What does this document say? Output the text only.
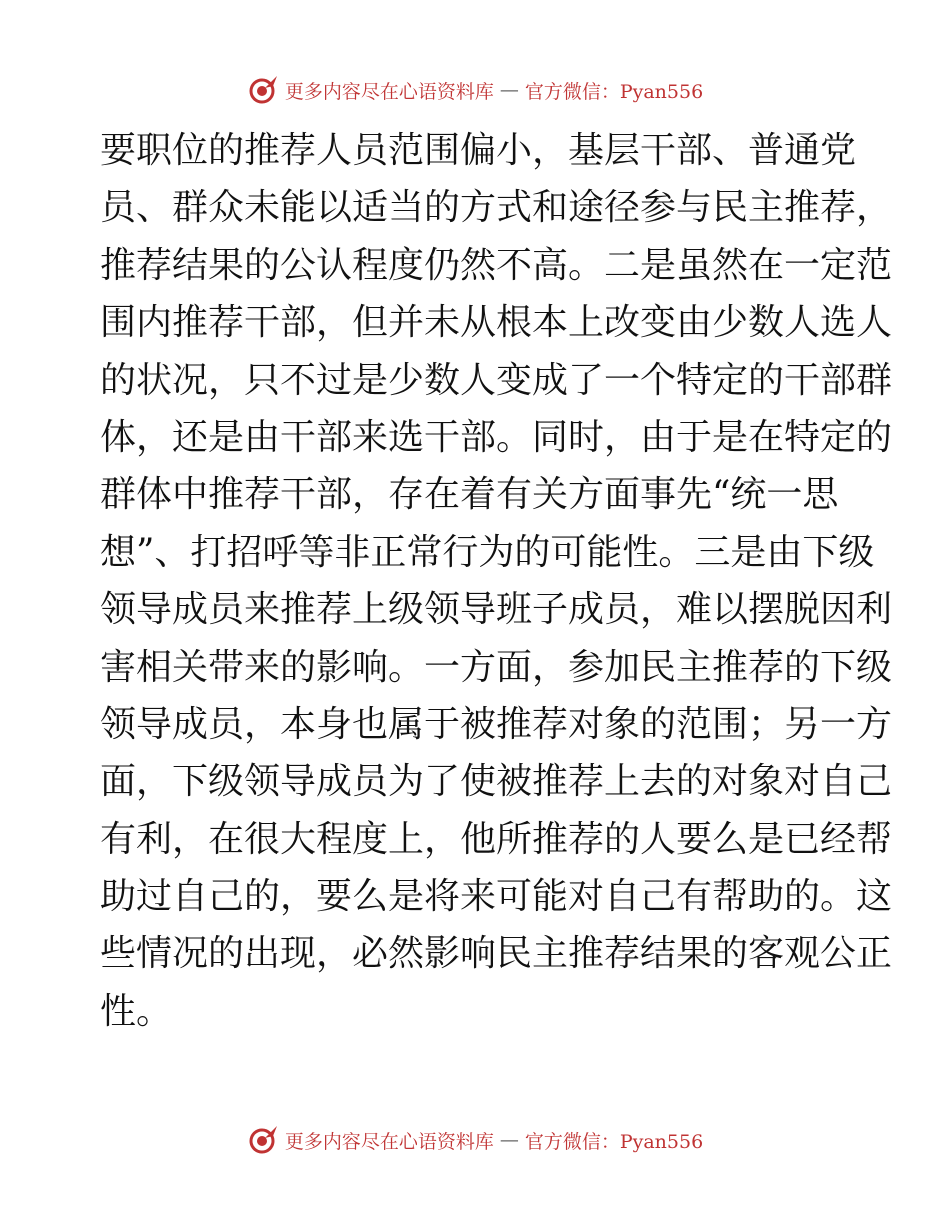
更多内容尽在心语资料库 — 官方微信：Pyan556
要职位的推荐人员范围偏小，基层干部、普通党
员、群众未能以适当的方式和途径参与民主推荐，
推荐结果的公认程度仍然不高。二是虽然在一定范
围内推荐干部，但并未从根本上改变由少数人选人
的状况，只不过是少数人变成了一个特定的干部群
体，还是由干部来选干部。同时，由于是在特定的
群体中推荐干部，存在着有关方面事先“统一思
想”、打招呼等非正常行为的可能性。三是由下级
领导成员来推荐上级领导班子成员，难以摆脱因利
害相关带来的影响。一方面，参加民主推荐的下级
领导成员，本身也属于被推荐对象的范围；另一方
面，下级领导成员为了使被推荐上去的对象对自己
有利，在很大程度上，他所推荐的人要么是已经帮
助过自己的，要么是将来可能对自己有帮助的。这
些情况的出现，必然影响民主推荐结果的客观公正
性。
更多内容尽在心语资料库 — 官方微信：Pyan556
